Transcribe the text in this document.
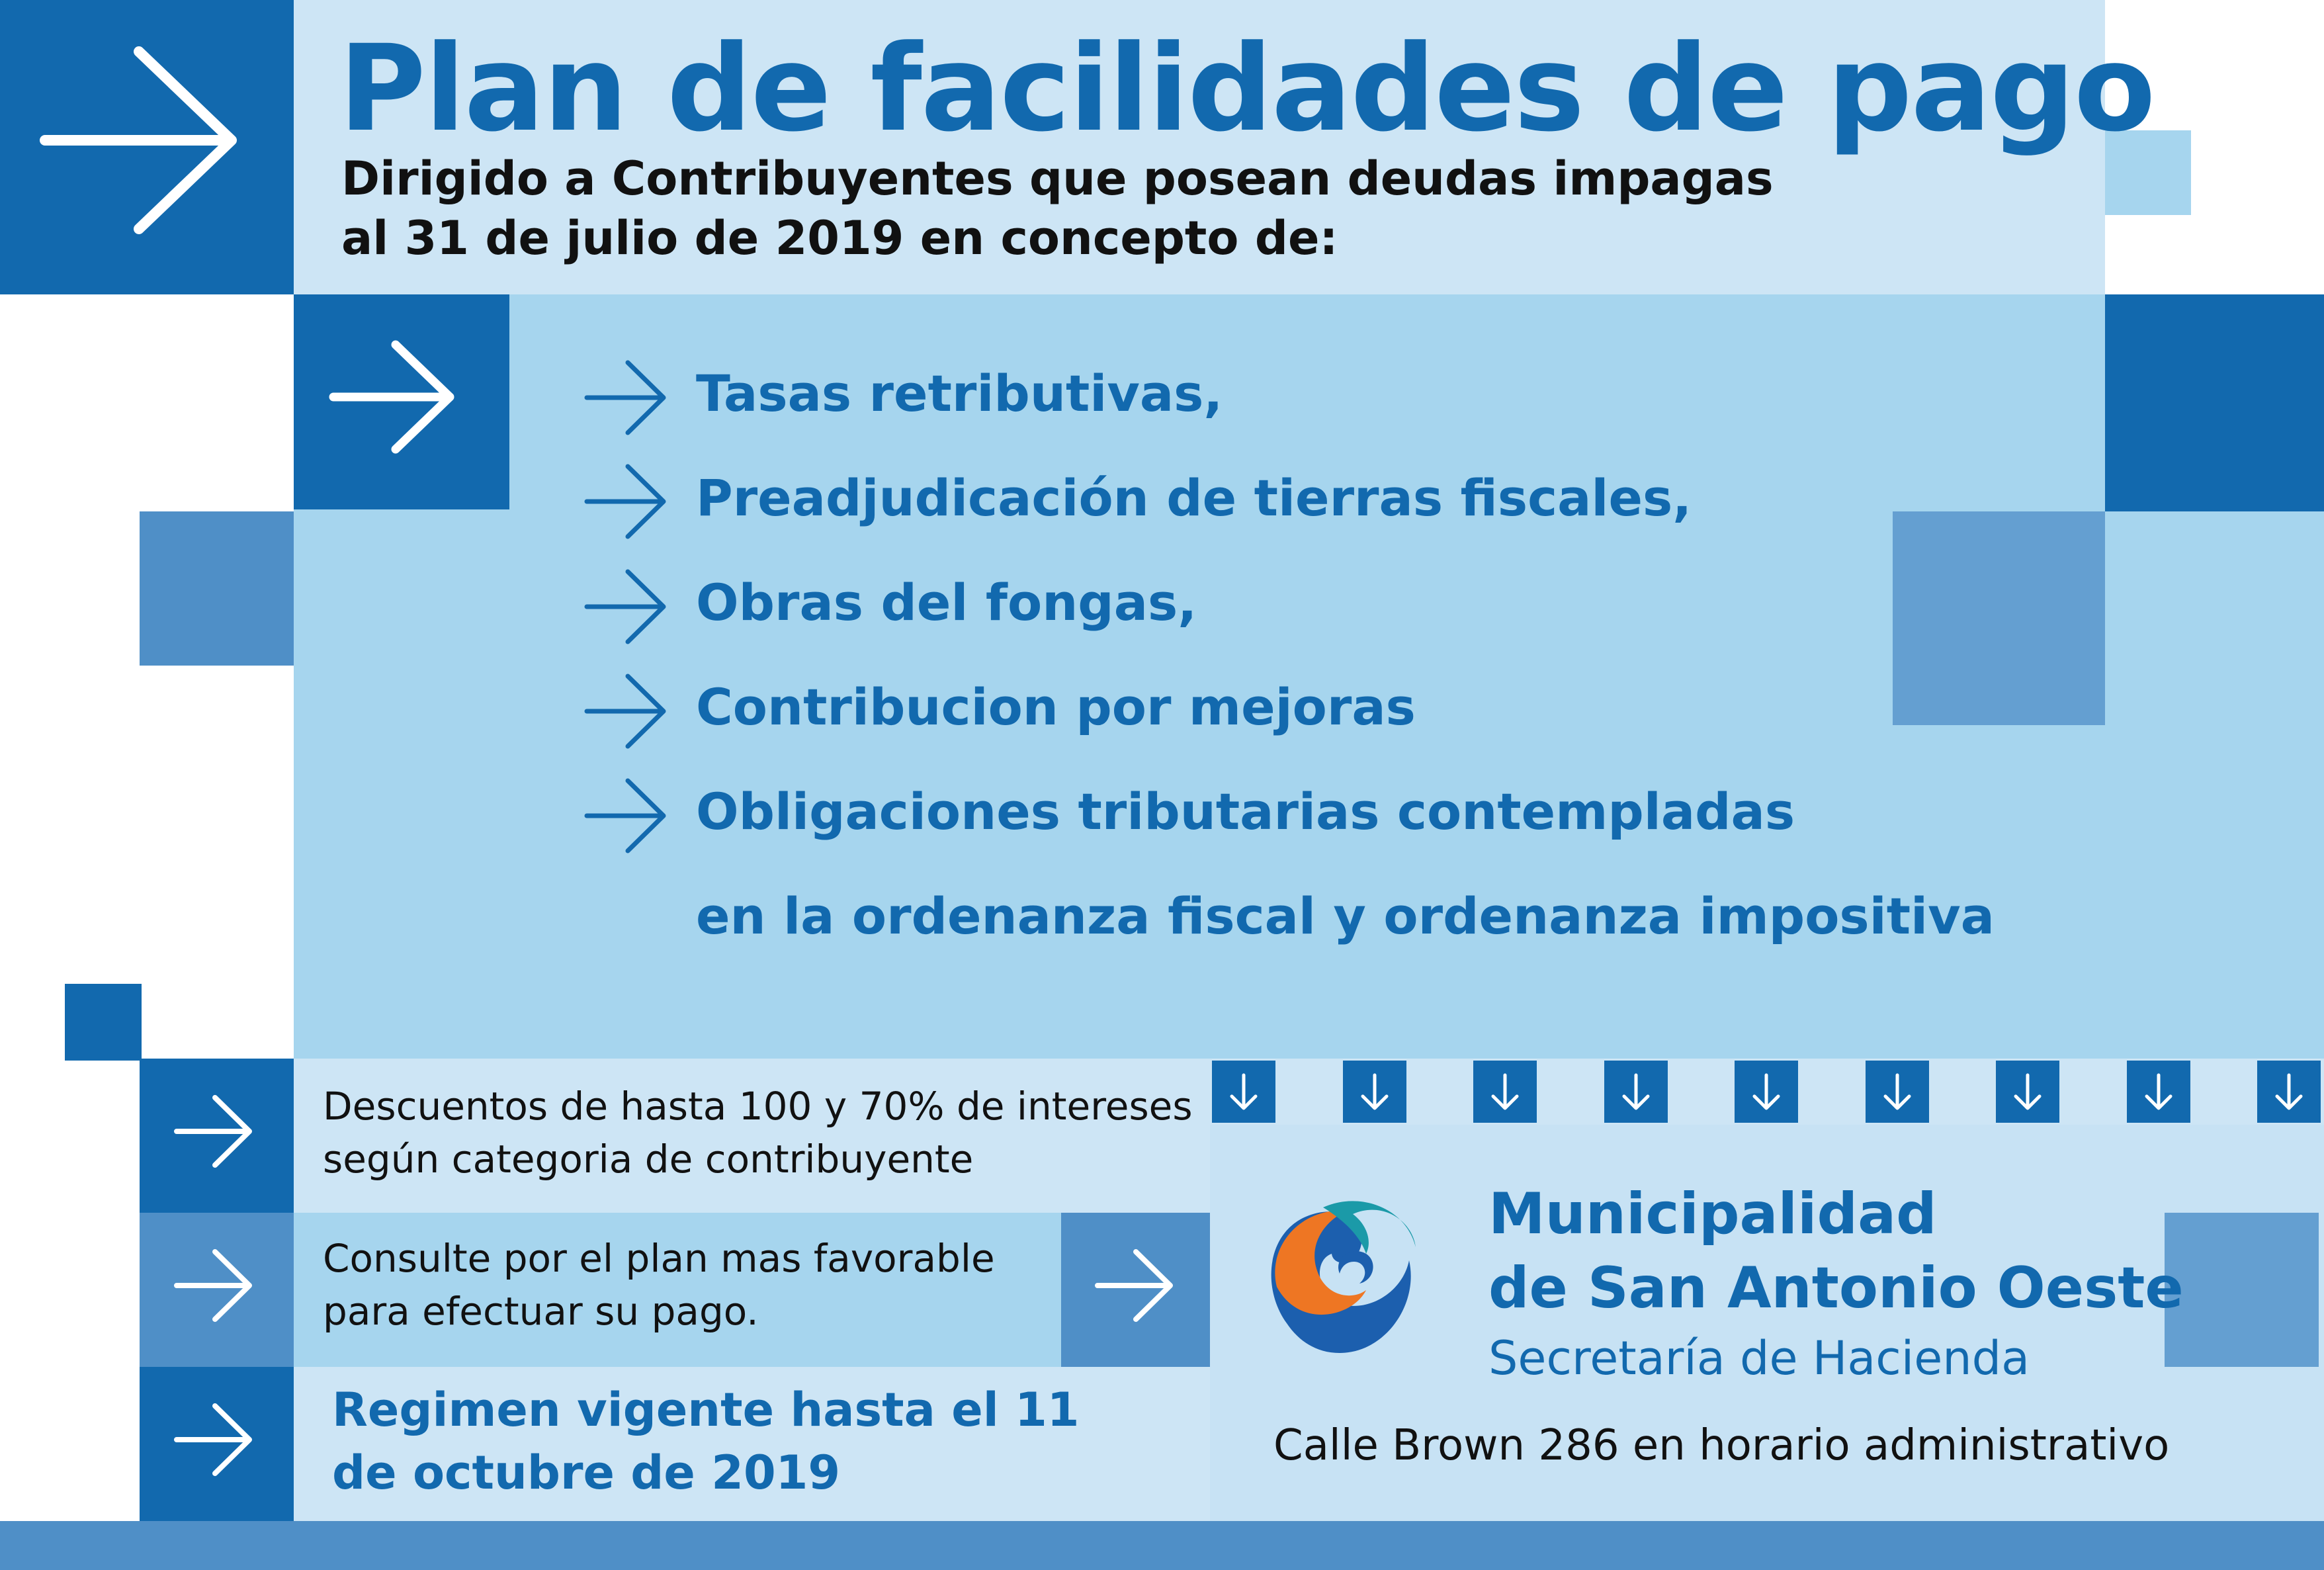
Plan de facilidades de pago
Dirigido a Contribuyentes que posean deudas impagas
al 31 de julio de 2019 en concepto de:
Tasas retributivas,
Preadjudicación de tierras fiscales,
Obras del fongas,
Contribucion por mejoras
Obligaciones tributarias contempladas
en la ordenanza fiscal y ordenanza impositiva
Descuentos de hasta 100 y 70% de intereses
según categoria de contribuyente
Consulte por el plan mas favorable
para efectuar su pago.
Regimen vigente hasta el 11
de octubre de 2019
Municipalidad
de San Antonio Oeste
Secretaría de Hacienda
Calle Brown 286 en horario administrativo
